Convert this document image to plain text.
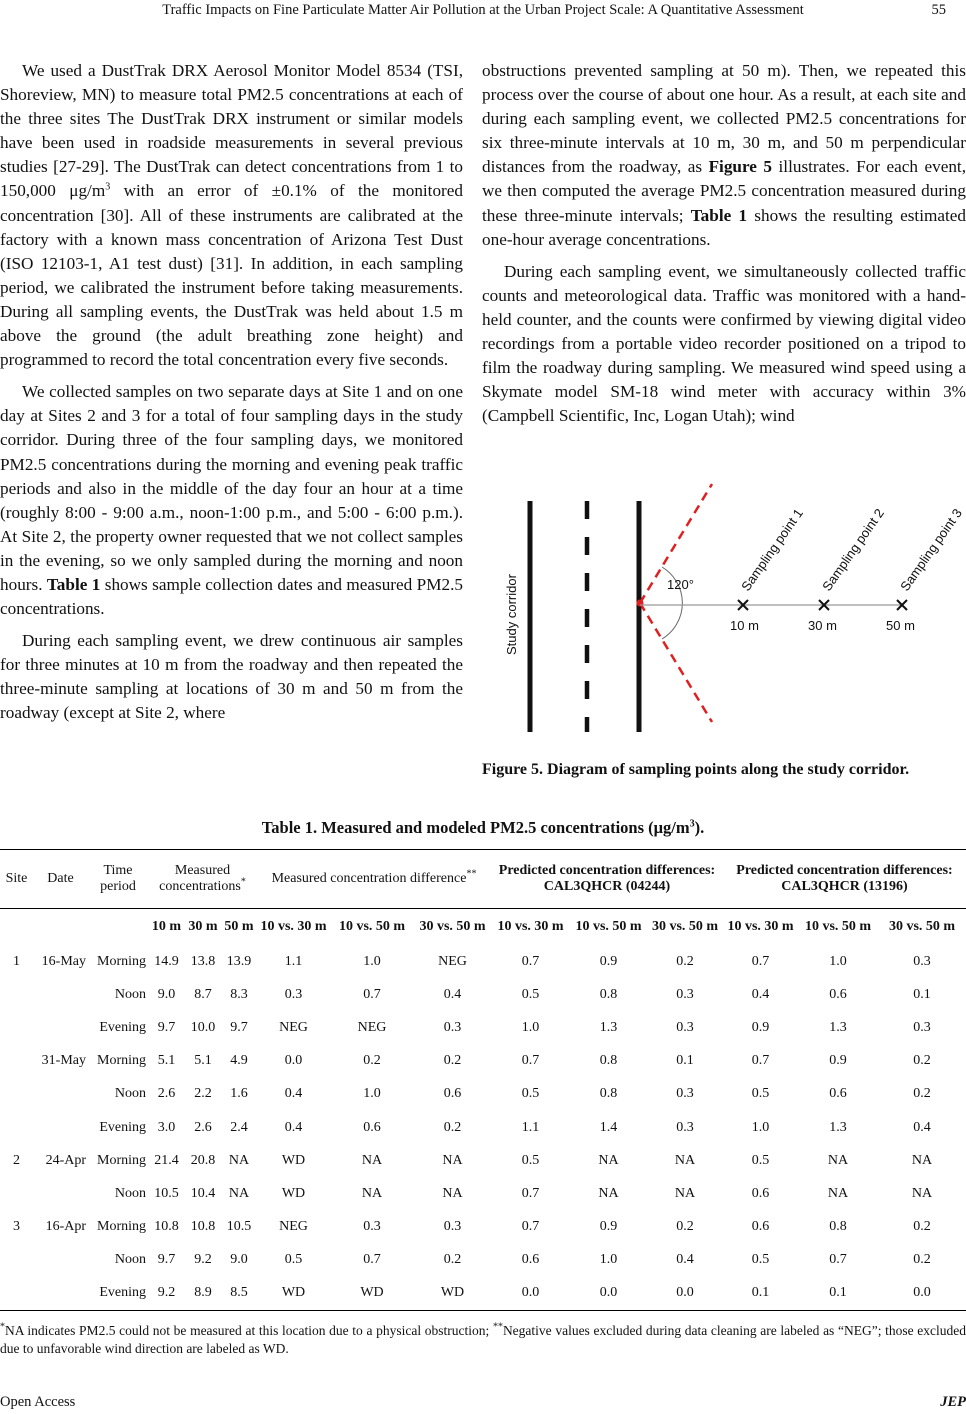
Traffic Impacts on Fine Particulate Matter Air Pollution at the Urban Project Scale: A Quantitative Assessment	55

We used a DustTrak DRX Aerosol Monitor Model 8534 (TSI, Shoreview, MN) to measure total PM2.5 concentrations at each of the three sites The DustTrak DRX instrument or similar models have been used in roadside measurements in several previous studies [27-29]. The DustTrak can detect concentrations from 1 to 150,000 $\mu g/m^3$ with an error of ±0.1% of the monitored concentration [30]. All of these instruments are calibrated at the factory with a known mass concentration of Arizona Test Dust (ISO 12103-1, A1 test dust) [31]. In addition, in each sampling period, we calibrated the instrument before taking measurements. During all sampling events, the DustTrak was held about 1.5 m above the ground (the adult breathing zone height) and programmed to record the total concentration every five seconds.

We collected samples on two separate days at Site 1 and on one day at Sites 2 and 3 for a total of four sampling days in the study corridor. During three of the four sampling days, we monitored PM2.5 concentrations during the morning and evening peak traffic periods and also in the middle of the day four an hour at a time (roughly 8:00 - 9:00 a.m., noon-1:00 p.m., and 5:00 - 6:00 p.m.). At Site 2, the property owner requested that we not collect samples in the evening, so we only sampled during the morning and noon hours. Table 1 shows sample collection dates and measured PM2.5 concentrations.

During each sampling event, we drew continuous air samples for three minutes at 10 m from the roadway and then repeated the three-minute sampling at locations of 30 m and 50 m from the roadway (except at Site 2, where

obstructions prevented sampling at 50 m). Then, we repeated this process over the course of about one hour. As a result, at each site and during each sampling event, we collected PM2.5 concentrations for six three-minute intervals at 10 m, 30 m, and 50 m perpendicular distances from the roadway, as Figure 5 illustrates. For each event, we then computed the average PM2.5 concentration measured during these three-minute intervals; Table 1 shows the resulting estimated one-hour average concentrations.

During each sampling event, we simultaneously collected traffic counts and meteorological data. Traffic was monitored with a hand-held counter, and the counts were confirmed by viewing digital video recordings from a portable video recorder positioned on a tripod to film the roadway during sampling. We measured wind speed using a Skymate model SM-18 wind meter with accuracy within 3% (Campbell Scientific, Inc, Logan Utah); wind

Study corridor	120°	Sampling point 1 Sampling point 2 Sampling point 3
10 m	30 m	50 m
Figure 5. Diagram of sampling points along the study corridor.
Table 1. Measured and modeled PM2.5 concentrations $(\mu g/m^3)$.
Site	Date	Time period	Measured concentrations*			Measured concentration difference**			Predicted concentration differences: CAL3QHCR (04244)			Predicted concentration differences: CAL3QHCR (13196)		
			10 m	30 m	50 m	10 vs. 30 m	10 vs. 50 m	30 vs. 50 m	10 vs. 30 m	10 vs. 50 m	30 vs. 50 m	10 vs. 30 m	10 vs. 50 m	30 vs. 50 m
1	16-May	Morning	14.9	13.8	13.9	1.1	1.0	NEG	0.7	0.9	0.2	0.7	1.0	0.3
		Noon	9.0	8.7	8.3	0.3	0.7	0.4	0.5	0.8	0.3	0.4	0.6	0.1
		Evening	9.7	10.0	9.7	NEG	NEG	0.3	1.0	1.3	0.3	0.9	1.3	0.3
	31-May	Morning	5.1	5.1	4.9	0.0	0.2	0.2	0.7	0.8	0.1	0.7	0.9	0.2
		Noon	2.6	2.2	1.6	0.4	1.0	0.6	0.5	0.8	0.3	0.5	0.6	0.2
		Evening	3.0	2.6	2.4	0.4	0.6	0.2	1.1	1.4	0.3	1.0	1.3	0.4
2	24-Apr	Morning	21.4	20.8	NA	WD	NA	NA	0.5	NA	NA	0.5	NA	NA
		Noon	10.5	10.4	NA	WD	NA	NA	0.7	NA	NA	0.6	NA	NA
3	16-Apr	Morning	10.8	10.8	10.5	NEG	0.3	0.3	0.7	0.9	0.2	0.6	0.8	0.2
		Noon	9.7	9.2	9.0	0.5	0.7	0.2	0.6	1.0	0.4	0.5	0.7	0.2
		Evening	9.2	8.9	8.5	WD	WD	WD	0.0	0.0	0.0	0.1	0.1	0.0
*NA indicates PM2.5 could not be measured at this location due to a physical obstruction; **Negative values excluded during data cleaning are labeled as “NEG”; those excluded due to unfavorable wind direction are labeled as WD.
Open Access	JEP
